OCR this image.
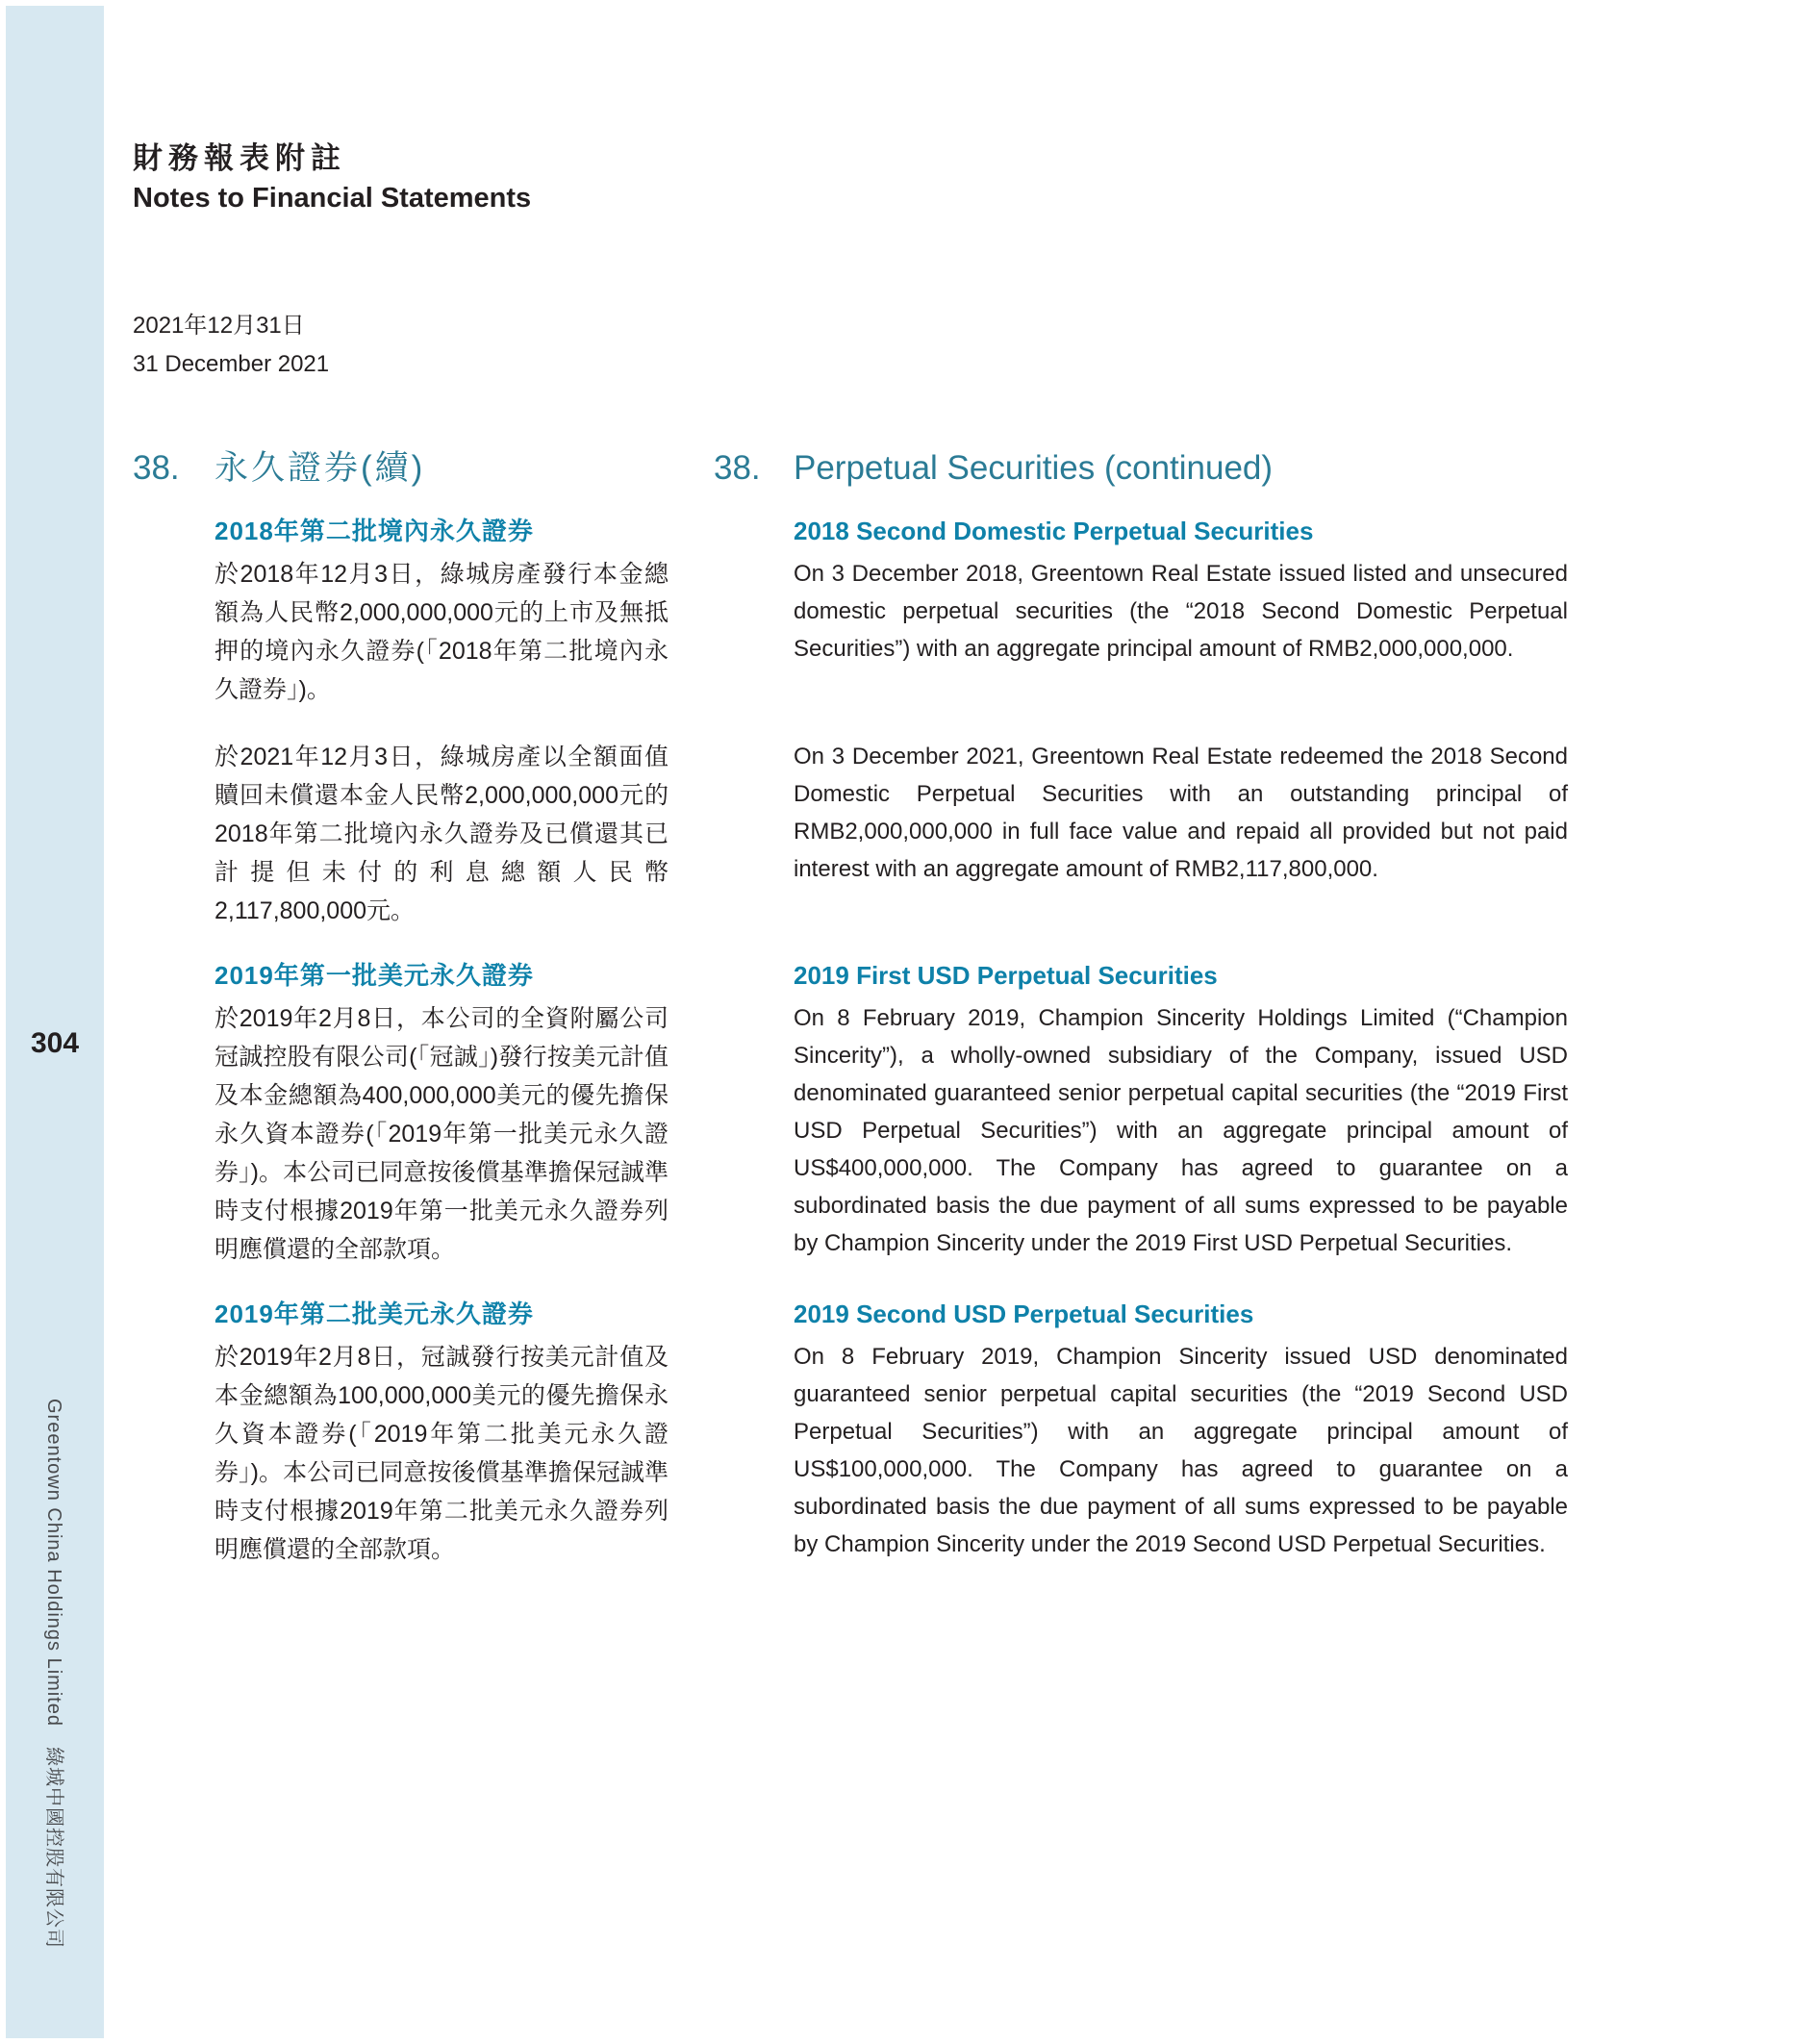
304
Greentown China Holdings Limited　綠城中國控股有限公司
財務報表附註
Notes to Financial Statements
2021年12月31日
31 December 2021
38.	永久證券(續)	38. Perpetual Securities (continued)
2018年第二批境內永久證券

於2018年12月3日，綠城房產發行本金總額為人民幣2,000,000,000元的上市及無抵押的境內永久證券(「2018年第二批境內永久證券」)。

2018 Second Domestic Perpetual Securities

On 3 December 2018, Greentown Real Estate issued listed and unsecured domestic perpetual securities (the “2018 Second Domestic Perpetual Securities”) with an aggregate principal amount of RMB2,000,000,000.

於2021年12月3日，綠城房產以全額面值贖回未償還本金人民幣2,000,000,000元的2018年第二批境內永久證券及已償還其已計提但未付的利息總額人民幣2,117,800,000元。

On 3 December 2021, Greentown Real Estate redeemed the 2018 Second Domestic Perpetual Securities with an outstanding principal of RMB2,000,000,000 in full face value and repaid all provided but not paid interest with an aggregate amount of RMB2,117,800,000.

2019年第一批美元永久證券

於2019年2月8日，本公司的全資附屬公司冠誠控股有限公司(「冠誠」)發行按美元計值及本金總額為400,000,000美元的優先擔保永久資本證券(「2019年第一批美元永久證券」)。本公司已同意按後償基準擔保冠誠準時支付根據2019年第一批美元永久證券列明應償還的全部款項。

2019 First USD Perpetual Securities

On 8 February 2019, Champion Sincerity Holdings Limited (“Champion Sincerity”), a wholly-owned subsidiary of the Company, issued USD denominated guaranteed senior perpetual capital securities (the “2019 First USD Perpetual Securities”) with an aggregate principal amount of US$400,000,000. The Company has agreed to guarantee on a subordinated basis the due payment of all sums expressed to be payable by Champion Sincerity under the 2019 First USD Perpetual Securities.

2019年第二批美元永久證券

於2019年2月8日，冠誠發行按美元計值及本金總額為100,000,000美元的優先擔保永久資本證券(「2019年第二批美元永久證券」)。本公司已同意按後償基準擔保冠誠準時支付根據2019年第二批美元永久證券列明應償還的全部款項。

2019 Second USD Perpetual Securities

On 8 February 2019, Champion Sincerity issued USD denominated guaranteed senior perpetual capital securities (the “2019 Second USD Perpetual Securities”) with an aggregate principal amount of US$100,000,000. The Company has agreed to guarantee on a subordinated basis the due payment of all sums expressed to be payable by Champion Sincerity under the 2019 Second USD Perpetual Securities.
